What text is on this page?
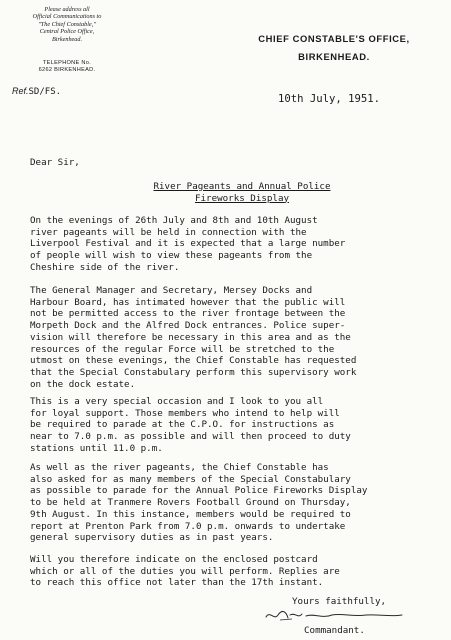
Please address all
Official Communications to
"The Chief Constable,"
Central Police Office,
Birkenhead.
TELEPHONE No.
6262 BIRKENHEAD.
CHIEF CONSTABLE'S OFFICE,
BIRKENHEAD.
Ref.SD/FS.
10th July, 1951.
Dear Sir,
River Pageants and Annual Police
Fireworks Display

On the evenings of 26th July and 8th and 10th August
river pageants will be held in connection with the
Liverpool Festival and it is expected that a large number
of people will wish to view these pageants from the
Cheshire side of the river.

The General Manager and Secretary, Mersey Docks and
Harbour Board, has intimated however that the public will
not be permitted access to the river frontage between the
Morpeth Dock and the Alfred Dock entrances. Police super-
vision will therefore be necessary in this area and as the
resources of the regular Force will be stretched to the
utmost on these evenings, the Chief Constable has requested
that the Special Constabulary perform this supervisory work
on the dock estate.

This is a very special occasion and I look to you all
for loyal support. Those members who intend to help will
be required to parade at the C.P.O. for instructions as
near to 7.0 p.m. as possible and will then proceed to duty
stations until 11.0 p.m.

As well as the river pageants, the Chief Constable has
also asked for as many members of the Special Constabulary
as possible to parade for the Annual Police Fireworks Display
to be held at Tranmere Rovers Football Ground on Thursday,
9th August. In this instance, members would be required to
report at Prenton Park from 7.0 p.m. onwards to undertake
general supervisory duties as in past years.

Will you therefore indicate on the enclosed postcard
which or all of the duties you will perform. Replies are
to reach this office not later than the 17th instant.

Yours faithfully,
Commandant.
